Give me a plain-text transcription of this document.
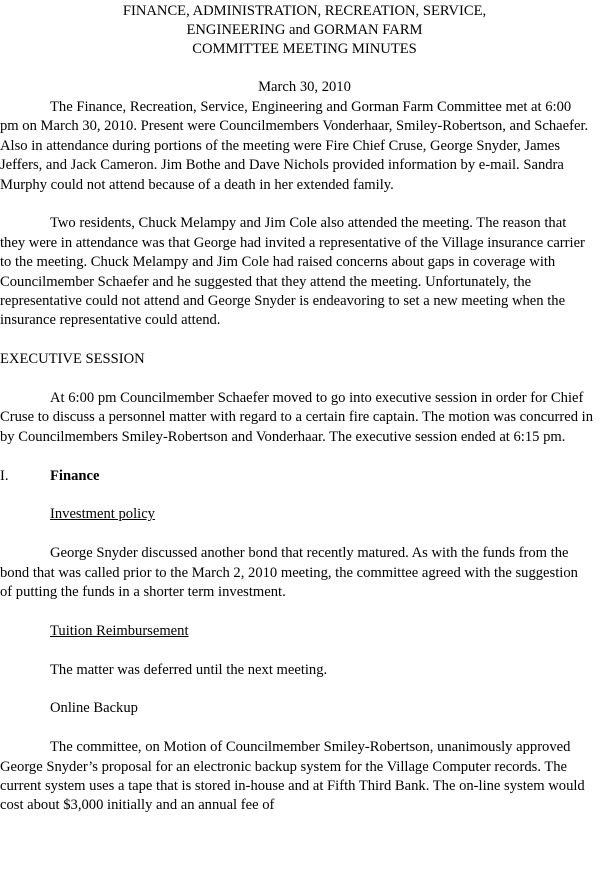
FINANCE, ADMINISTRATION, RECREATION, SERVICE,
ENGINEERING and GORMAN FARM
COMMITTEE MEETING MINUTES
March 30, 2010

The Finance, Recreation, Service, Engineering and Gorman Farm Committee met at 6:00 pm on March 30, 2010. Present were Councilmembers Vonderhaar, Smiley-Robertson, and Schaefer. Also in attendance during portions of the meeting were Fire Chief Cruse, George Snyder, James Jeffers, and Jack Cameron. Jim Bothe and Dave Nichols provided information by e-mail. Sandra Murphy could not attend because of a death in her extended family.

Two residents, Chuck Melampy and Jim Cole also attended the meeting. The reason that they were in attendance was that George had invited a representative of the Village insurance carrier to the meeting. Chuck Melampy and Jim Cole had raised concerns about gaps in coverage with Councilmember Schaefer and he suggested that they attend the meeting. Unfortunately, the representative could not attend and George Snyder is endeavoring to set a new meeting when the insurance representative could attend.

EXECUTIVE SESSION

At 6:00 pm Councilmember Schaefer moved to go into executive session in order for Chief Cruse to discuss a personnel matter with regard to a certain fire captain. The motion was concurred in by Councilmembers Smiley-Robertson and Vonderhaar. The executive session ended at 6:15 pm.

I.	Finance

Investment policy

George Snyder discussed another bond that recently matured. As with the funds from the bond that was called prior to the March 2, 2010 meeting, the committee agreed with the suggestion of putting the funds in a shorter term investment.

Tuition Reimbursement

The matter was deferred until the next meeting.

Online Backup

The committee, on Motion of Councilmember Smiley-Robertson, unanimously approved George Snyder’s proposal for an electronic backup system for the Village Computer records. The current system uses a tape that is stored in-house and at Fifth Third Bank. The on-line system would cost about $3,000 initially and an annual fee of
